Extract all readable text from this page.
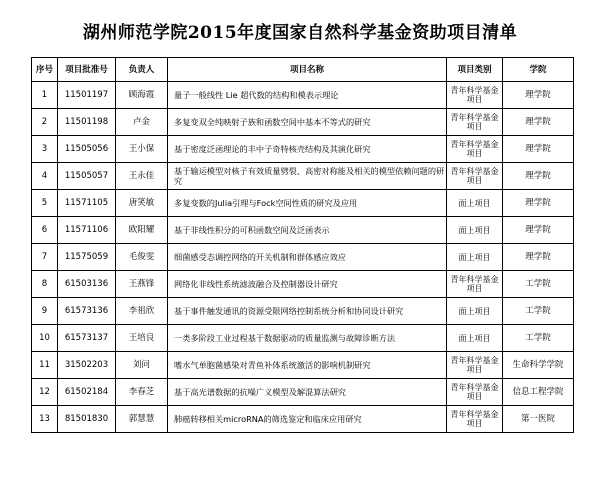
湖州师范学院2015年度国家自然科学基金资助项目清单
序号	项目批准号	负责人	项目名称	项目类别	学院
1	11501197	顾海霞	量子一般线性 Lie 超代数的结构和模表示理论	青年科学基金项目	理学院
2	11501198	卢金	多复变双全纯映射子族和函数空间中基本不等式的研究	青年科学基金项目	理学院
3	11505056	王小保	基于密度泛函理论的丰中子奇特核壳结构及其演化研究	青年科学基金项目	理学院
4	11505057	王永佳	基于输运模型对核子有效质量劈裂、高密对称能及相关的模型依赖问题的研究	青年科学基金项目	理学院
5	11571105	唐笑敏	多复变数的Julia引理与Fock空间性质的研究及应用	面上项目	理学院
6	11571106	欧阳耀	基于非线性积分的可积函数空间及泛函表示	面上项目	理学院
7	11575059	毛俊雯	细菌感受态调控网络的开关机制和群体感应效应	面上项目	理学院
8	61503136	王燕锋	网络化非线性系统滤波融合及控制器设计研究	青年科学基金项目	工学院
9	61573136	李祖欣	基于事件触发通讯的资源受限网络控制系统分析和协同设计研究	面上项目	工学院
10	61573137	王培良	一类多阶段工业过程基于数据驱动的质量监测与故障诊断方法	面上项目	工学院
11	31502203	刘问	嗜水气单胞菌感染对青鱼补体系统激活的影响机制研究	青年科学基金项目	生命科学学院
12	61502184	李春芝	基于高光谱数据的抗噪广义模型及解混算法研究	青年科学基金项目	信息工程学院
13	81501830	郭慧慧	肺癌转移相关microRNA的筛选鉴定和临床应用研究	青年科学基金项目	第一医院
